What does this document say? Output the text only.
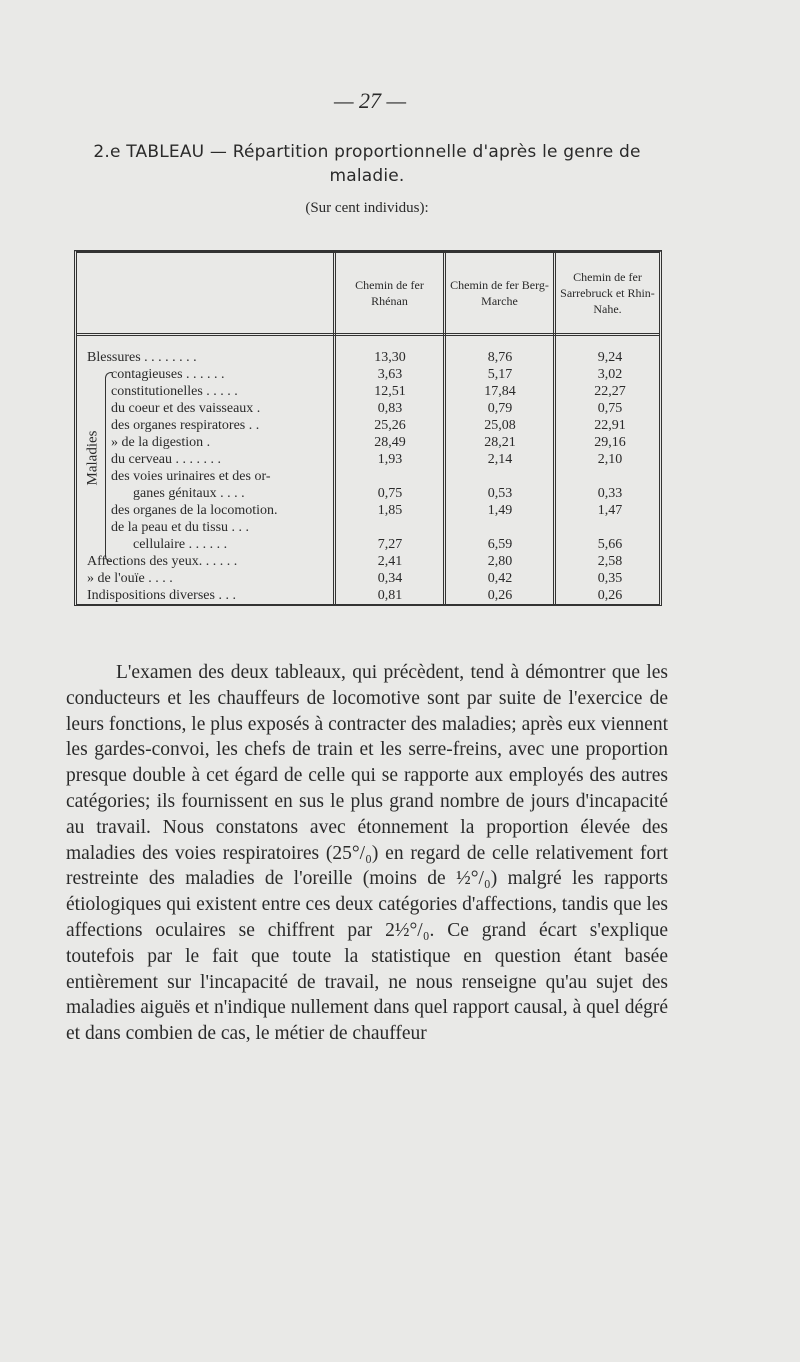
— 27 —
2.e TABLEAU — Répartition proportionnelle d'après le genre de maladie.
(Sur cent individus):
Chemin de fer Rhénan
Chemin de fer Berg-Marche
Chemin de fer Sarrebruck et Rhin-Nahe.
Maladies
Blessures . . . . . . . .	13,30	8,76	9,24
contagieuses . . . . . .	3,63	5,17	3,02
constitutionelles . . . . .	12,51	17,84	22,27
du coeur et des vaisseaux .	0,83	0,79	0,75
des organes respiratores . .	25,26	25,08	22,91
» de la digestion .	28,49	28,21	29,16
du cerveau . . . . . . .	1,93	2,14	2,10
des voies urinaires et des or-
ganes génitaux . . . .	0,75	0,53	0,33
des organes de la locomotion.	1,85	1,49	1,47
de la peau et du tissu . . .
cellulaire . . . . . .	7,27	6,59	5,66
Affections des yeux. . . . . .	2,41	2,80	2,58
» de l'ouïe . . . .	0,34	0,42	0,35
Indispositions diverses . . .	0,81	0,26	0,26

L'examen des deux tableaux, qui précèdent, tend à démontrer que les conducteurs et les chauffeurs de locomotive sont par suite de l'exercice de leurs fonctions, le plus exposés à contracter des maladies; après eux viennent les gardes-convoi, les chefs de train et les serre-freins, avec une proportion presque double à cet égard de celle qui se rapporte aux employés des autres catégories; ils fournissent en sus le plus grand nombre de jours d'incapacité au travail. Nous constatons avec étonnement la proportion élevée des maladies des voies respiratoires (25°/₀) en regard de celle relativement fort restreinte des maladies de l'oreille (moins de ½°/₀) malgré les rapports étiologiques qui existent entre ces deux catégories d'affections, tandis que les affections oculaires se chiffrent par 2½°/₀. Ce grand écart s'explique toutefois par le fait que toute la statistique en question étant basée entièrement sur l'incapacité de travail, ne nous renseigne qu'au sujet des maladies aiguës et n'indique nullement dans quel rapport causal, à quel dégré et dans combien de cas, le métier de chauffeur
